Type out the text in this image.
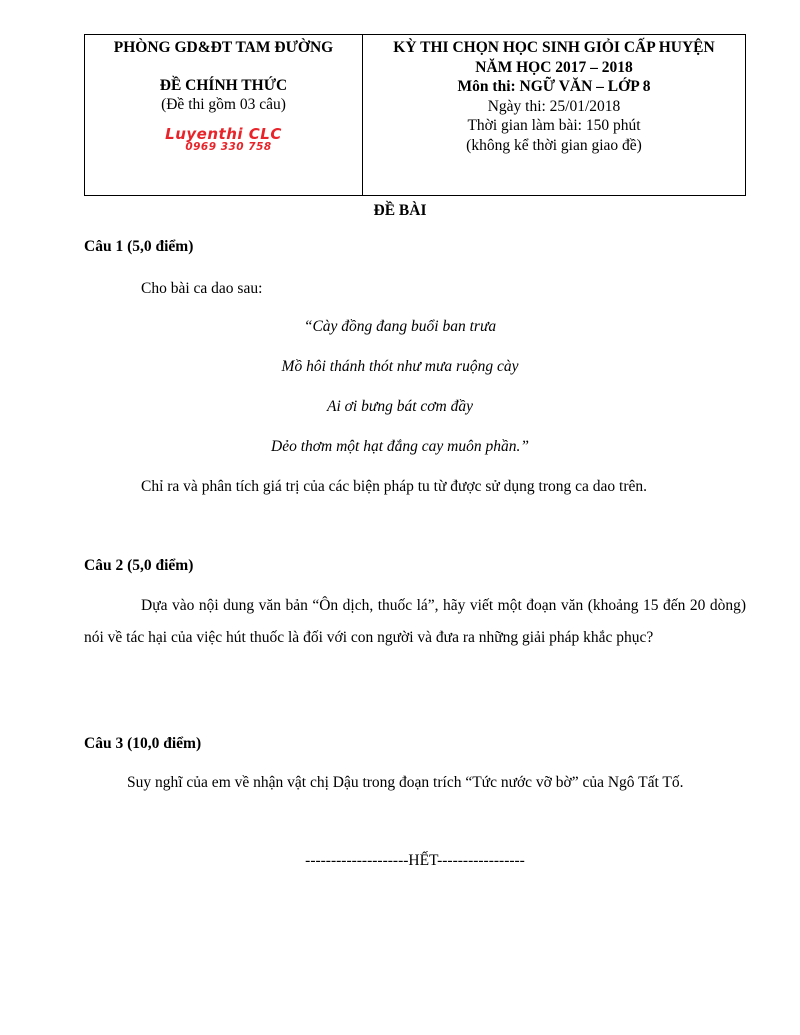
PHÒNG GD&ĐT TAM ĐƯỜNG
ĐỀ CHÍNH THỨC
(Đề thi gồm 03 câu)
Luyenthi CLC
0969 330 758
KỲ THI CHỌN HỌC SINH GIỎI CẤP HUYỆN
NĂM HỌC 2017 – 2018
Môn thi: NGỮ VĂN – LỚP 8
Ngày thi: 25/01/2018
Thời gian làm bài: 150 phút
(không kể thời gian giao đề)
ĐỀ BÀI
Câu 1 (5,0 điểm)
Cho bài ca dao sau:
“Cày đồng đang buổi ban trưa
Mồ hôi thánh thót như mưa ruộng cày
Ai ơi bưng bát cơm đầy
Dẻo thơm một hạt đắng cay muôn phần.”
Chỉ ra và phân tích giá trị của các biện pháp tu từ được sử dụng trong ca dao trên.
Câu 2 (5,0 điểm)
Dựa vào nội dung văn bản “Ôn dịch, thuốc lá”, hãy viết một đoạn văn (khoảng 15 đến 20 dòng) nói về tác hại của việc hút thuốc là đối với con người và đưa ra những giải pháp khắc phục?
Câu 3 (10,0 điểm)
Suy nghĩ của em về nhận vật chị Dậu trong đoạn trích “Tức nước vỡ bờ” của Ngô Tất Tố.
--------------------HẾT-----------------
